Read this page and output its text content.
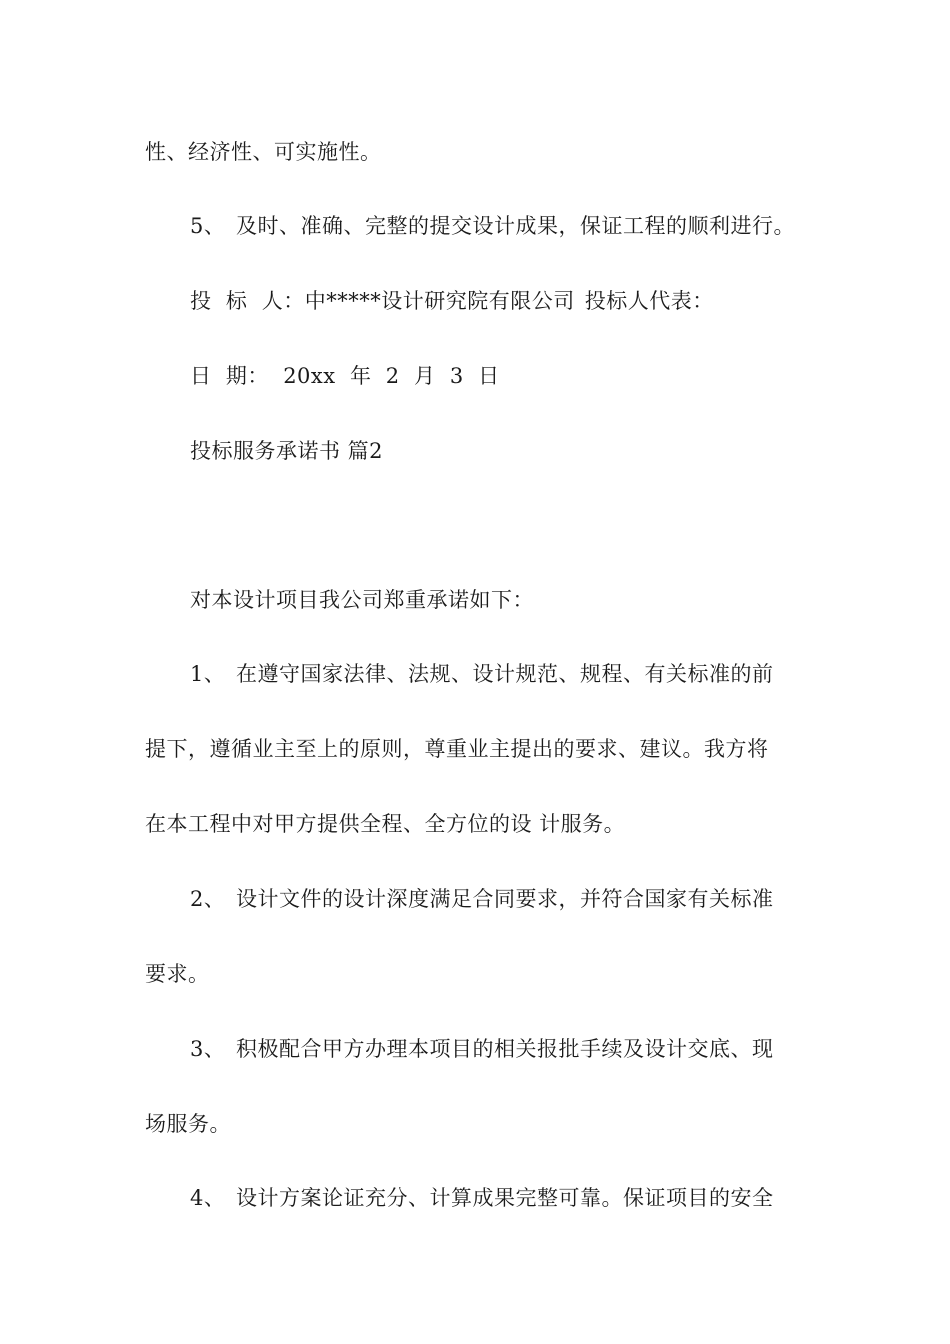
性、经济性、可实施性。
5、 及时、准确、完整的提交设计成果，保证工程的顺利进行。
投  标  人：中*****设计研究院有限公司 投标人代表：
日  期：  20xx  年  2  月  3  日
投标服务承诺书 篇2
对本设计项目我公司郑重承诺如下：
1、 在遵守国家法律、法规、设计规范、规程、有关标准的前
提下，遵循业主至上的原则，尊重业主提出的要求、建议。我方将
在本工程中对甲方提供全程、全方位的设 计服务。
2、 设计文件的设计深度满足合同要求，并符合国家有关标准
要求。
3、 积极配合甲方办理本项目的相关报批手续及设计交底、现
场服务。
4、 设计方案论证充分、计算成果完整可靠。保证项目的安全
